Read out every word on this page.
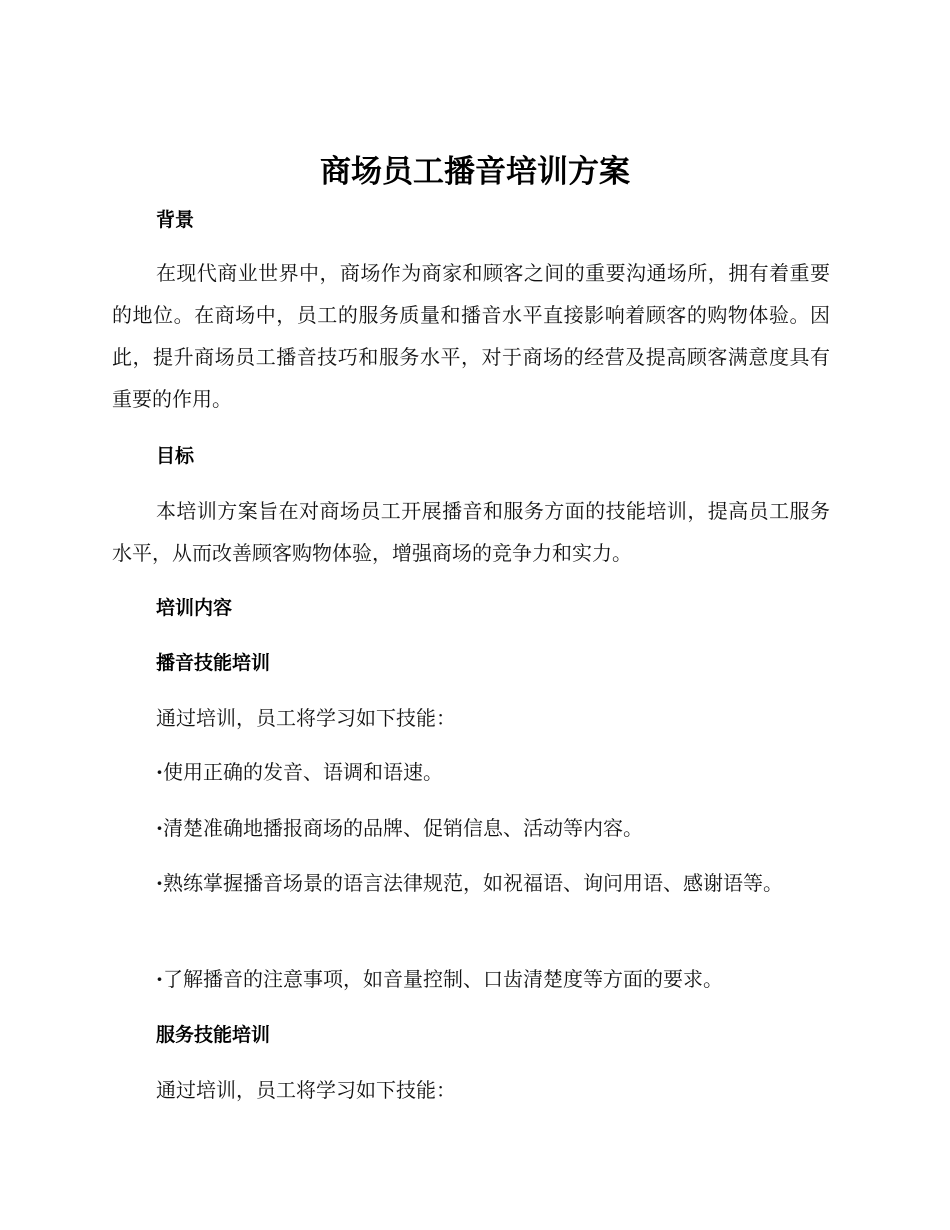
商场员工播音培训方案
背景
在现代商业世界中，商场作为商家和顾客之间的重要沟通场所，拥有着重要的地位。在商场中，员工的服务质量和播音水平直接影响着顾客的购物体验。因此，提升商场员工播音技巧和服务水平，对于商场的经营及提高顾客满意度具有重要的作用。
目标
本培训方案旨在对商场员工开展播音和服务方面的技能培训，提高员工服务水平，从而改善顾客购物体验，增强商场的竞争力和实力。
培训内容
播音技能培训
通过培训，员工将学习如下技能：
·使用正确的发音、语调和语速。
·清楚准确地播报商场的品牌、促销信息、活动等内容。
·熟练掌握播音场景的语言法律规范，如祝福语、询问用语、感谢语等。
·了解播音的注意事项，如音量控制、口齿清楚度等方面的要求。
服务技能培训
通过培训，员工将学习如下技能：
